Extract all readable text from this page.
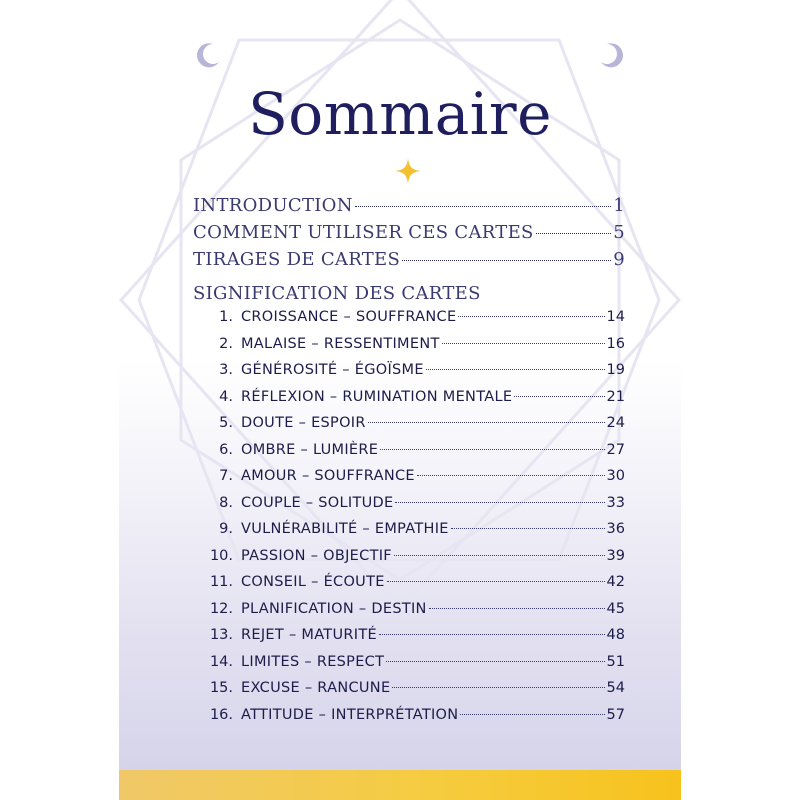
Sommaire
INTRODUCTION	1
COMMENT UTILISER CES CARTES	5
TIRAGES DE CARTES	9
SIGNIFICATION DES CARTES
1. CROISSANCE – SOUFFRANCE	14
2. MALAISE – RESSENTIMENT	16
3. GÉNÉROSITÉ – ÉGOÏSME	19
4. RÉFLEXION – RUMINATION MENTALE	21
5. DOUTE – ESPOIR	24
6. OMBRE – LUMIÈRE	27
7. AMOUR – SOUFFRANCE	30
8. COUPLE – SOLITUDE	33
9. VULNÉRABILITÉ – EMPATHIE	36
10. PASSION – OBJECTIF	39
11. CONSEIL – ÉCOUTE	42
12. PLANIFICATION – DESTIN	45
13. REJET – MATURITÉ	48
14. LIMITES – RESPECT	51
15. EXCUSE – RANCUNE	54
16. ATTITUDE – INTERPRÉTATION	57
